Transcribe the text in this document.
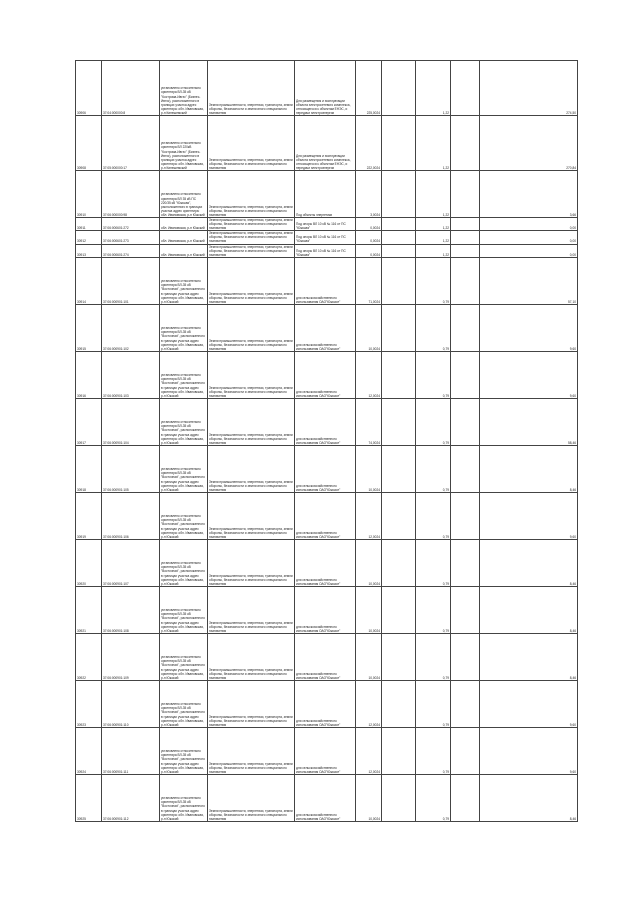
30906	37:04:000000:8	установлено относительно ориентира ВЛ-35 кВ "Кострома-Ивгэс" (Бизнес-Ивгэс), расположенного в границах участка адрес ориентира: обл. Ивановская, р-н Кинешемский	Земли промышленности, энергетики, транспорта, земли обороны, безопасности и земли иного специального назначения	Для размещения и эксплуатации объекта электросетевого комплекса, относящегося к объектам ЕНЭС, и передачи электроэнергии	225,0024		1,22		274,50
30908	37:05:000000:17	установлено относительно ориентира ВЛ 220кВ "Кострома-Ивгэс" (Бизнес-Ивгэс), расположенного в границах участка адрес ориентира: обл. Ивановская, р-н Кинешемский	Земли промышленности, энергетики, транспорта, земли обороны, безопасности и земли иного специального назначения	Для размещения и эксплуатации объекта электросетевого комплекса, относящегося к объектам ЕНЭС, и передачи электроэнергии	222,0024		1,22		270,84
30910	37:06:000000:98	установлено относительно ориентира ВЛ 35 кВ ПС 220/35 кВ "Южская", расположенного в границах участка адрес ориентира: обл. Ивановская, р-н Южский	Земли промышленности, энергетики, транспорта, земли обороны, безопасности и земли иного специального назначения	Под объекты энергетики	3,0024		1,22		3,66
30911	37:06:000601:272	обл. Ивановская, р-н Южский	Земли промышленности, энергетики, транспорта, земли обороны, безопасности и земли иного специального назначения	Под опоры ВЛ 10 кВ № 116 от ПС "Южская"	0,0024		1,22		0,00
30912	37:06:000601:273	обл. Ивановская, р-н Южский	Земли промышленности, энергетики, транспорта, земли обороны, безопасности и земли иного специального назначения	Под опоры ВЛ 10 кВ № 116 от ПС "Южская"	0,0024		1,22		0,00
30913	37:06:000601:274	обл. Ивановская, р-н Южский	Земли промышленности, энергетики, транспорта, земли обороны, безопасности и земли иного специального назначения	Под опоры ВЛ 10 кВ № 116 от ПС "Южская"	0,0024		1,22		0,00
30914	37:06:000901:101	установлено относительно ориентира ВЛ-35 кВ "Восточная", расположенного в границах участка адрес ориентира: обл. Ивановская, р-н Южский	Земли промышленности, энергетики, транспорта, земли обороны, безопасности и земли иного специального назначения	для сельскохозяйственного использования ОАО"Южское"	71,0024		0,79		57,10
30915	37:06:000901:102	установлено относительно ориентира ВЛ-35 кВ "Восточная", расположенного в границах участка адрес ориентира: обл. Ивановская, р-н Южский	Земли промышленности, энергетики, транспорта, земли обороны, безопасности и земли иного специального назначения	для сельскохозяйственного использования ОАО"Южское"	10,0024		0,79		9,60
30916	37:06:000901:103	установлено относительно ориентира ВЛ-35 кВ "Восточная", расположенного в границах участка адрес ориентира: обл. Ивановская, р-н Южский	Земли промышленности, энергетики, транспорта, земли обороны, безопасности и земли иного специального назначения	для сельскохозяйственного использования ОАО"Южское"	12,0024		0,79		9,60
30917	37:06:000901:104	установлено относительно ориентира ВЛ-35 кВ "Восточная", расположенного в границах участка адрес ориентира: обл. Ивановская, р-н Южский	Земли промышленности, энергетики, транспорта, земли обороны, безопасности и земли иного специального назначения	для сельскохозяйственного использования ОАО"Южское"	74,0024		0,79		58,46
30918	37:06:000901:105	установлено относительно ориентира ВЛ-35 кВ "Восточная", расположенного в границах участка адрес ориентира: обл. Ивановская, р-н Южский	Земли промышленности, энергетики, транспорта, земли обороны, безопасности и земли иного специального назначения	для сельскохозяйственного использования ОАО"Южское"	10,0024		0,79		8,46
30919	37:06:000901:106	установлено относительно ориентира ВЛ-35 кВ "Восточная", расположенного в границах участка адрес ориентира: обл. Ивановская, р-н Южский	Земли промышленности, энергетики, транспорта, земли обороны, безопасности и земли иного специального назначения	для сельскохозяйственного использования ОАО"Южское"	12,0024		0,79		9,60
30920	37:06:000901:107	установлено относительно ориентира ВЛ-35 кВ "Восточная", расположенного в границах участка адрес ориентира: обл. Ивановская, р-н Южский	Земли промышленности, энергетики, транспорта, земли обороны, безопасности и земли иного специального назначения	для сельскохозяйственного использования ОАО"Южское"	10,0024		0,79		8,46
30921	37:06:000901:108	установлено относительно ориентира ВЛ-35 кВ "Восточная", расположенного в границах участка адрес ориентира: обл. Ивановская, р-н Южский	Земли промышленности, энергетики, транспорта, земли обороны, безопасности и земли иного специального назначения	для сельскохозяйственного использования ОАО"Южское"	10,0024		0,79		8,46
30922	37:06:000901:109	установлено относительно ориентира ВЛ-35 кВ "Восточная", расположенного в границах участка адрес ориентира: обл. Ивановская, р-н Южский	Земли промышленности, энергетики, транспорта, земли обороны, безопасности и земли иного специального назначения	для сельскохозяйственного использования ОАО"Южское"	10,0024		0,79		8,46
30923	37:06:000901:110	установлено относительно ориентира ВЛ-35 кВ "Восточная", расположенного в границах участка адрес ориентира: обл. Ивановская, р-н Южский	Земли промышленности, энергетики, транспорта, земли обороны, безопасности и земли иного специального назначения	для сельскохозяйственного использования ОАО"Южское"	12,0024		0,79		9,60
30924	37:06:000901:111	установлено относительно ориентира ВЛ-35 кВ "Восточная", расположенного в границах участка адрес ориентира: обл. Ивановская, р-н Южский	Земли промышленности, энергетики, транспорта, земли обороны, безопасности и земли иного специального назначения	для сельскохозяйственного использования ОАО"Южское"	12,0024		0,79		9,60
30925	37:06:000901:112	установлено относительно ориентира ВЛ-35 кВ "Восточная", расположенного в границах участка адрес ориентира: обл. Ивановская, р-н Южский	Земли промышленности, энергетики, транспорта, земли обороны, безопасности и земли иного специального назначения	для сельскохозяйственного использования ОАО"Южское"	10,0024		0,79		8,46
